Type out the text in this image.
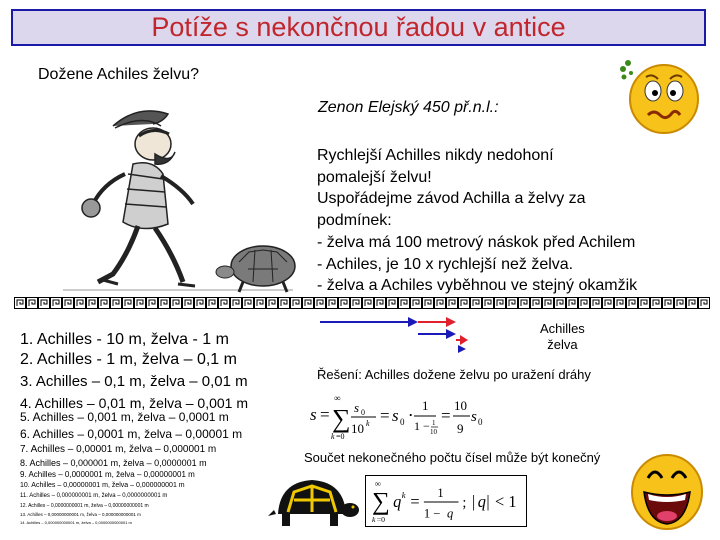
Potíže s nekončnou řadou v antice
Dožene Achiles želvu?
Zenon Elejský 450 př.n.l.:
Rychlejší Achilles nikdy nedohoní
pomalejší želvu!
Uspořádejme závod Achilla a želvy za
podmínek:
- želva má 100 metrový náskok před Achilem
- Achiles, je 10 x rychlejší než želva.
- želva a Achiles vyběhnou ve stejný okamžik
1. Achilles - 10 m, želva - 1 m
2. Achilles - 1 m, želva – 0,1 m
3. Achilles – 0,1 m, želva – 0,01 m
4. Achilles – 0,01 m, želva – 0,001 m
5. Achilles – 0,001 m, želva – 0,0001 m
6. Achilles – 0,0001 m, želva – 0,00001 m
7. Achilles – 0,00001 m, želva – 0,000001 m
8. Achilles – 0,000001 m, želva – 0,0000001 m
9. Achilles – 0,0000001 m, želva – 0,00000001 m
10. Achilles – 0,00000001 m, želva – 0,000000001 m
11. Achilles – 0,000000001 m, želva – 0,0000000001 m
12. Achilles – 0,0000000001 m, želva – 0,00000000001 m
13. Achilles – 0,00000000001 m, želva – 0,000000000001 m
14. Achilles – 0,000000000001 m, želva – 0,0000000000001 m
Achilles
želva
Řešení: Achilles dožene želvu po uražení dráhy
s = ∑
∞
k =0
s 0
10 k = s 0 ⋅
1
1 − 1
10
=
10
9
s 0
Součet nekonečného počtu čísel může být konečný
∑
∞
k =0
q k = 1
1 − q
; | q | < 1
